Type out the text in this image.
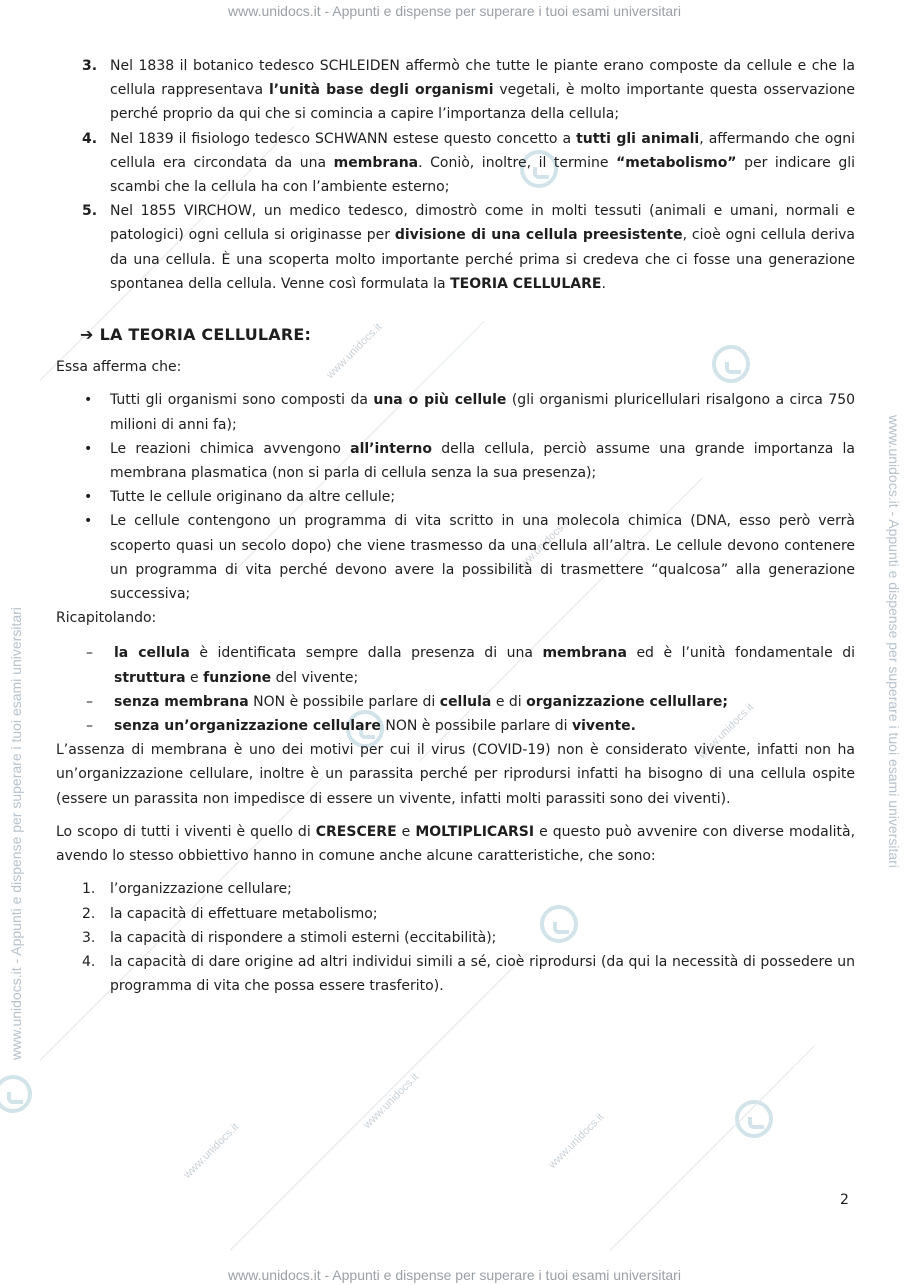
www.unidocs.it - Appunti e dispense per superare i tuoi esami universitari
www.unidocs.it - Appunti e dispense per superare i tuoi esami universitari
www.unidocs.it - Appunti e dispense per superare i tuoi esami universitari	www.unidocs.it - Appunti e dispense per superare i tuoi esami universitari
www.unidocs.it
www.unidocs.it
www.unidocs.it
www.unidocs.it
www.unidocs.it
www.unidocs.it
3. Nel 1838 il botanico tedesco SCHLEIDEN affermò che tutte le piante erano composte da cellule e che la cellula rappresentava l’unità base degli organismi vegetali, è molto importante questa osservazione perché proprio da qui che si comincia a capire l’importanza della cellula;
4. Nel 1839 il fisiologo tedesco SCHWANN estese questo concetto a tutti gli animali, affermando che ogni cellula era circondata da una membrana. Coniò, inoltre, il termine “metabolismo” per indicare gli scambi che la cellula ha con l’ambiente esterno;
5. Nel 1855 VIRCHOW, un medico tedesco, dimostrò come in molti tessuti (animali e umani, normali e patologici) ogni cellula si originasse per divisione di una cellula preesistente, cioè ogni cellula deriva da una cellula. È una scoperta molto importante perché prima si credeva che ci fosse una generazione spontanea della cellula. Venne così formulata la TEORIA CELLULARE.
➔ LA TEORIA CELLULARE:

Essa afferma che:

• Tutti gli organismi sono composti da una o più cellule (gli organismi pluricellulari risalgono a circa 750 milioni di anni fa);
• Le reazioni chimica avvengono all’interno della cellula, perciò assume una grande importanza la membrana plasmatica (non si parla di cellula senza la sua presenza);
• Tutte le cellule originano da altre cellule;
• Le cellule contengono un programma di vita scritto in una molecola chimica (DNA, esso però verrà scoperto quasi un secolo dopo) che viene trasmesso da una cellula all’altra. Le cellule devono contenere un programma di vita perché devono avere la possibilità di trasmettere “qualcosa” alla generazione successiva;

Ricapitolando:

– la cellula è identificata sempre dalla presenza di una membrana ed è l’unità fondamentale di struttura e funzione del vivente;
– senza membrana NON è possibile parlare di cellula e di organizzazione cellullare;
– senza un’organizzazione cellulare NON è possibile parlare di vivente.

L’assenza di membrana è uno dei motivi per cui il virus (COVID-19) non è considerato vivente, infatti non ha un’organizzazione cellulare, inoltre è un parassita perché per riprodursi infatti ha bisogno di una cellula ospite (essere un parassita non impedisce di essere un vivente, infatti molti parassiti sono dei viventi).

Lo scopo di tutti i viventi è quello di CRESCERE e MOLTIPLICARSI e questo può avvenire con diverse modalità, avendo lo stesso obbiettivo hanno in comune anche alcune caratteristiche, che sono:

1. l’organizzazione cellulare;
2. la capacità di effettuare metabolismo;
3. la capacità di rispondere a stimoli esterni (eccitabilità);
4. la capacità di dare origine ad altri individui simili a sé, cioè riprodursi (da qui la necessità di possedere un programma di vita che possa essere trasferito).
2
